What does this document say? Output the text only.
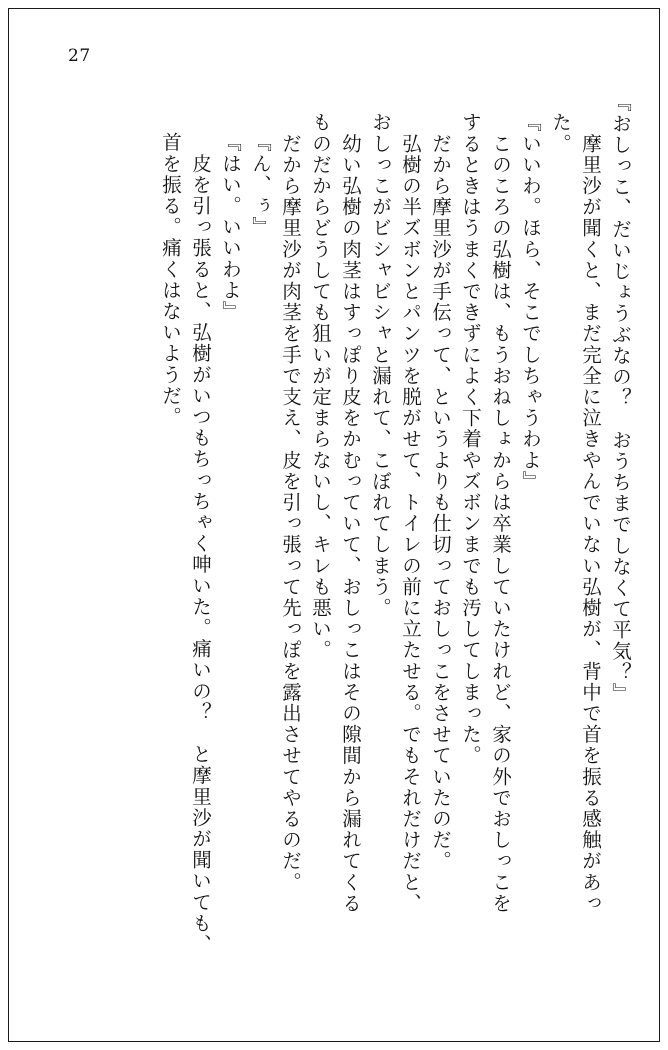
27
『おしっこ、だいじょうぶなの？　おうちまでしなくて平気？』
　摩里沙が聞くと、まだ完全に泣きやんでいない弘樹が、背中で首を振る感触があっ
た。
『いいわ。ほら、そこでしちゃうわよ』
　このころの弘樹は、もうおねしょからは卒業していたけれど、家の外でおしっこを
するときはうまくできずによく下着やズボンまでも汚してしまった。
　だから摩里沙が手伝って、というよりも仕切っておしっこをさせていたのだ。
　弘樹の半ズボンとパンツを脱がせて、トイレの前に立たせる。でもそれだけだと、
おしっこがビシャビシャと漏れて、こぼれてしまう。
　幼い弘樹の肉茎はすっぽり皮をかむっていて、おしっこはその隙間から漏れてくる
ものだからどうしても狙いが定まらないし、キレも悪い。
　だから摩里沙が肉茎を手で支え、皮を引っ張って先っぽを露出させてやるのだ。
『ん、ぅ』
『はい。いいわよ』
　皮を引っ張ると、弘樹がいつもちっちゃく呻いた。痛いの？　と摩里沙が聞いても、
首を振る。痛くはないようだ。
